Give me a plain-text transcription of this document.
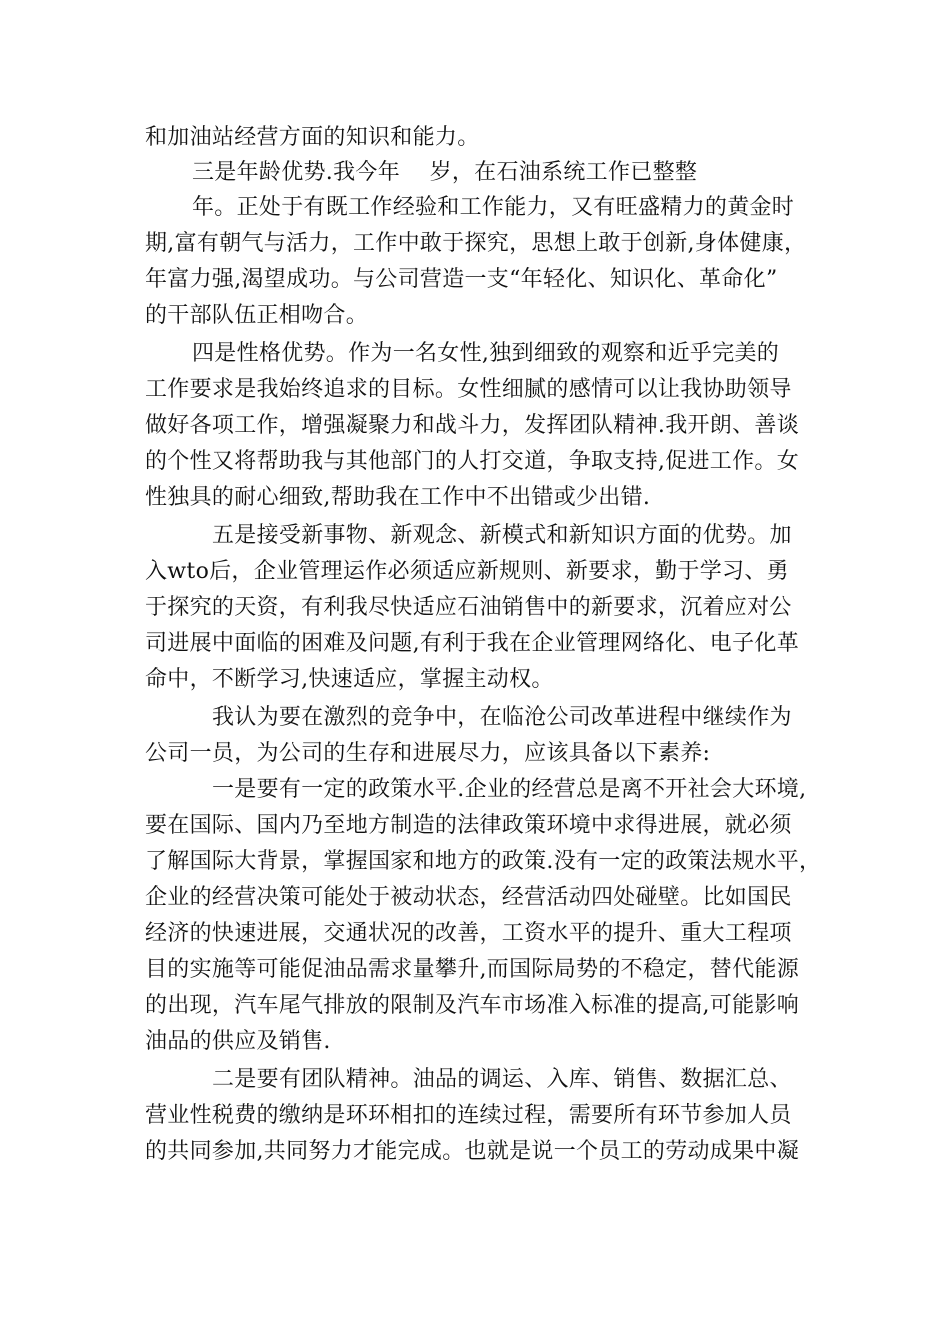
和加油站经营方面的知识和能力。
三是年龄优势.我今年　 岁，在石油系统工作已整整
年。正处于有既工作经验和工作能力，又有旺盛精力的黄金时
期,富有朝气与活力，工作中敢于探究，思想上敢于创新,身体健康，
年富力强,渴望成功。与公司营造一支“年轻化、知识化、革命化”
的干部队伍正相吻合。
四是性格优势。作为一名女性,独到细致的观察和近乎完美的
工作要求是我始终追求的目标。女性细腻的感情可以让我协助领导
做好各项工作，增强凝聚力和战斗力，发挥团队精神.我开朗、善谈
的个性又将帮助我与其他部门的人打交道，争取支持,促进工作。女
性独具的耐心细致,帮助我在工作中不出错或少出错.
五是接受新事物、新观念、新模式和新知识方面的优势。加
入wto后，企业管理运作必须适应新规则、新要求，勤于学习、勇
于探究的天资，有利我尽快适应石油销售中的新要求，沉着应对公
司进展中面临的困难及问题,有利于我在企业管理网络化、电子化革
命中，不断学习,快速适应，掌握主动权。
我认为要在激烈的竞争中，在临沧公司改革进程中继续作为
公司一员，为公司的生存和进展尽力，应该具备以下素养:
一是要有一定的政策水平.企业的经营总是离不开社会大环境,
要在国际、国内乃至地方制造的法律政策环境中求得进展，就必须
了解国际大背景，掌握国家和地方的政策.没有一定的政策法规水平，
企业的经营决策可能处于被动状态，经营活动四处碰壁。比如国民
经济的快速进展，交通状况的改善，工资水平的提升、重大工程项
目的实施等可能促油品需求量攀升,而国际局势的不稳定，替代能源
的出现，汽车尾气排放的限制及汽车市场准入标准的提高,可能影响
油品的供应及销售.
二是要有团队精神。油品的调运、入库、销售、数据汇总、
营业性税费的缴纳是环环相扣的连续过程，需要所有环节参加人员
的共同参加,共同努力才能完成。也就是说一个员工的劳动成果中凝
